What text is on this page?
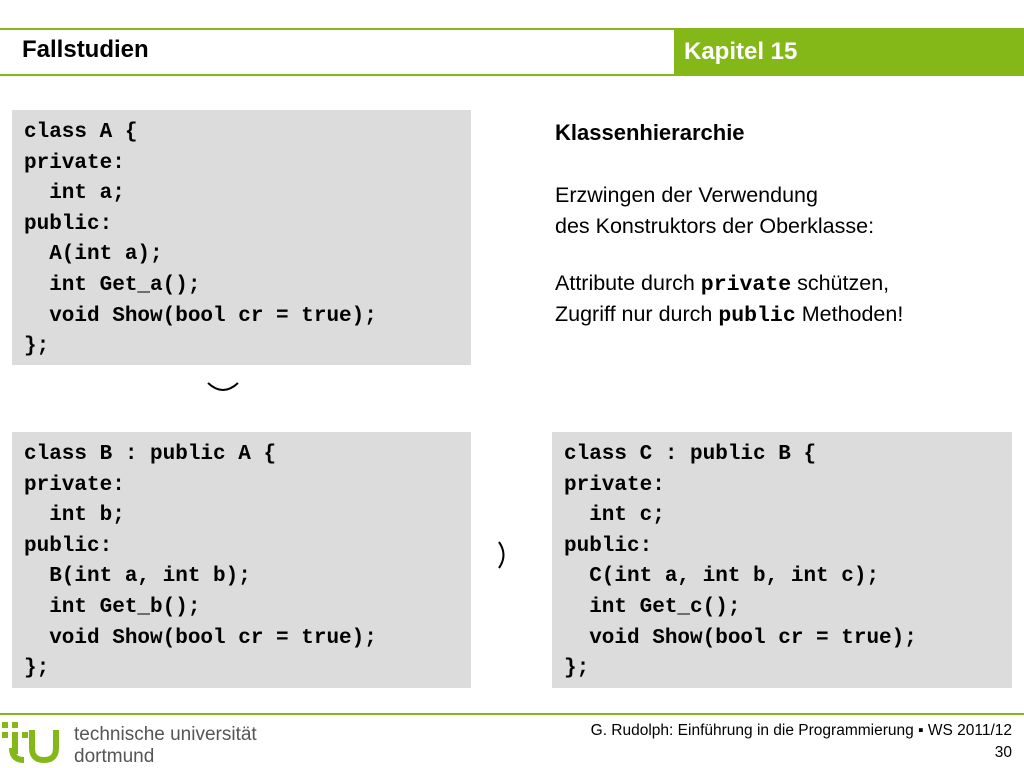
Fallstudien	Kapitel 15
class A {
private:
int a;
public:
A(int a);
int Get_a();
void Show(bool cr = true);
};
class B : public A {
private:
int b;
public:
B(int a, int b);
int Get_b();
void Show(bool cr = true);
};
class C : public B {
private:
int c;
public:
C(int a, int b, int c);
int Get_c();
void Show(bool cr = true);
};
Klassenhierarchie
Erzwingen der Verwendung
des Konstruktors der Oberklasse:
Attribute durch private schützen,
Zugriff nur durch public Methoden!
technische universität
dortmund
G. Rudolph: Einführung in die Programmierung ▪ WS 2011/12
30
